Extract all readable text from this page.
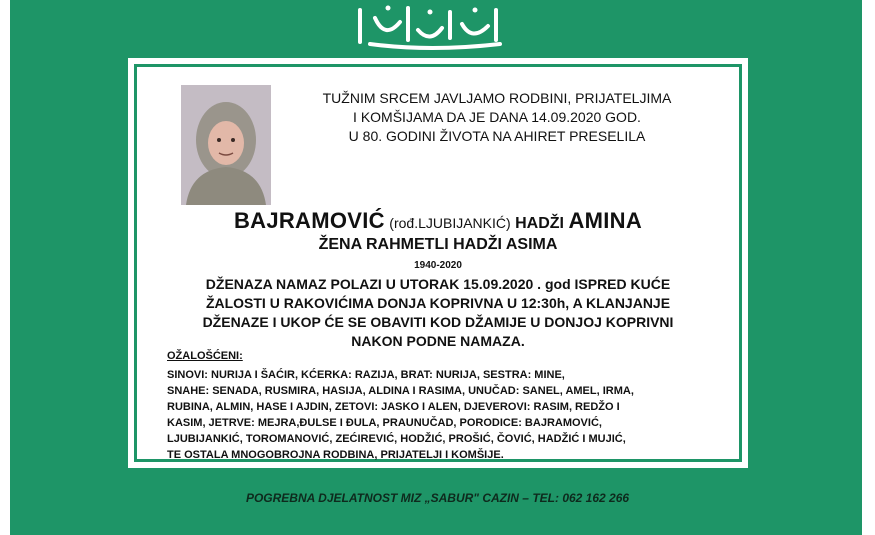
TUŽNIM SRCEM JAVLJAMO RODBINI, PRIJATELJIMA
I KOMŠIJAMA DA JE DANA 14.09.2020 GOD.
U 80. GODINI ŽIVOTA NA AHIRET PRESELILA
BAJRAMOVIĆ (rođ.LJUBIJANKIĆ) HADŽI AMINA
ŽENA RAHMETLI HADŽI ASIMA
1940-2020
DŽENAZA NAMAZ POLAZI U UTORAK 15.09.2020 . god ISPRED KUĆE
ŽALOSTI U RAKOVIĆIMA DONJA KOPRIVNA U 12:30h, A KLANJANJE
DŽENAZE I UKOP ĆE SE OBAVITI KOD DŽAMIJE U DONJOJ KOPRIVNI
NAKON PODNE NAMAZA.
OŽALOŠĆENI:
SINOVI: NURIJA I ŠAĆIR, KĆERKA: RAZIJA, BRAT: NURIJA, SESTRA: MINE,
SNAHE: SENADA, RUSMIRA, HASIJA, ALDINA I RASIMA, UNUČAD: SANEL, AMEL, IRMA,
RUBINA, ALMIN, HASE I AJDIN, ZETOVI: JASKO I ALEN, DJEVEROVI: RASIM, REDŽO I
KASIM, JETRVE: MEJRA,ĐULSE I ĐULA, PRAUNUČAD, PORODICE: BAJRAMOVIĆ,
LJUBIJANKIĆ, TOROMANOVIĆ, ZEĆIREVIĆ, HODŽIĆ, PROŠIĆ, ČOVIĆ, HADŽIĆ I MUJIĆ,
TE OSTALA MNOGOBROJNA RODBINA, PRIJATELJI I KOMŠIJE.
POGREBNA DJELATNOST MIZ „SABUR" CAZIN – TEL: 062 162 266
